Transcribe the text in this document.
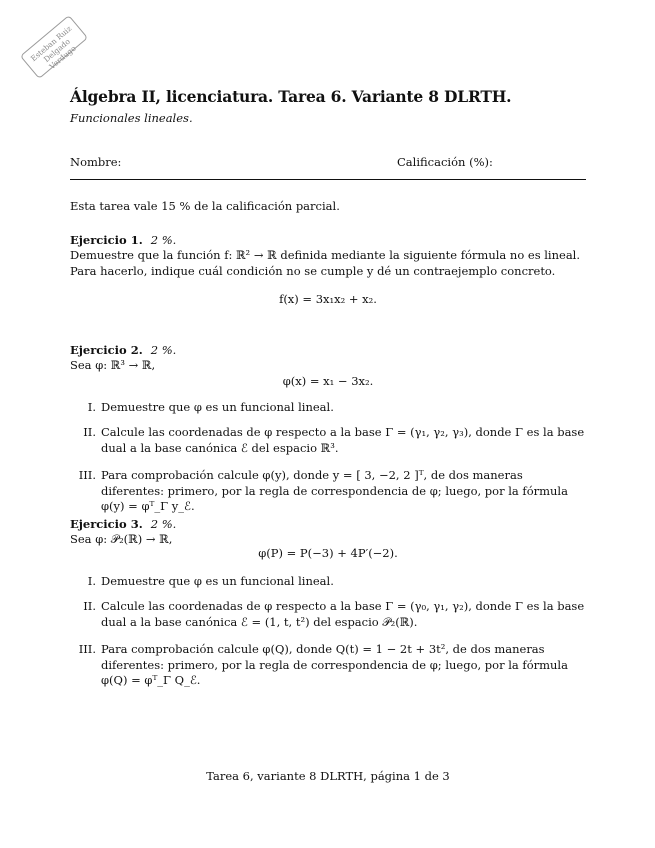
Esteban Ruiz Delgado Verdugo
Álgebra II, licenciatura. Tarea 6. Variante 8 DLRTH.
Funcionales lineales.
Nombre:	Calificación (%):
Esta tarea vale 15 % de la calificación parcial.
Ejercicio 1. 2 %.
Demuestre que la función f: ℝ² → ℝ definida mediante la siguiente fórmula no es lineal. Para hacerlo, indique cuál condición no se cumple y dé un contraejemplo concreto.
f(x) = 3x₁x₂ + x₂.
Ejercicio 2. 2 %.
Sea φ: ℝ³ → ℝ,
φ(x) = x₁ − 3x₂.
I. Demuestre que φ es un funcional lineal.
II. Calcule las coordenadas de φ respecto a la base Γ = (γ₁, γ₂, γ₃), donde Γ es la base dual a la base canónica ℰ del espacio ℝ³.
III. Para comprobación calcule φ(y), donde y = [ 3, −2, 2 ]ᵀ, de dos maneras diferentes: primero, por la regla de correspondencia de φ; luego, por la fórmula φ(y) = φᵀ_Γ y_ℰ.
Ejercicio 3. 2 %.
Sea φ: 𝒫₂(ℝ) → ℝ,
φ(P) = P(−3) + 4P′(−2).
I. Demuestre que φ es un funcional lineal.
II. Calcule las coordenadas de φ respecto a la base Γ = (γ₀, γ₁, γ₂), donde Γ es la base dual a la base canónica ℰ = (1, t, t²) del espacio 𝒫₂(ℝ).
III. Para comprobación calcule φ(Q), donde Q(t) = 1 − 2t + 3t², de dos maneras diferentes: primero, por la regla de correspondencia de φ; luego, por la fórmula φ(Q) = φᵀ_Γ Q_ℰ.
Tarea 6, variante 8 DLRTH, página 1 de 3
